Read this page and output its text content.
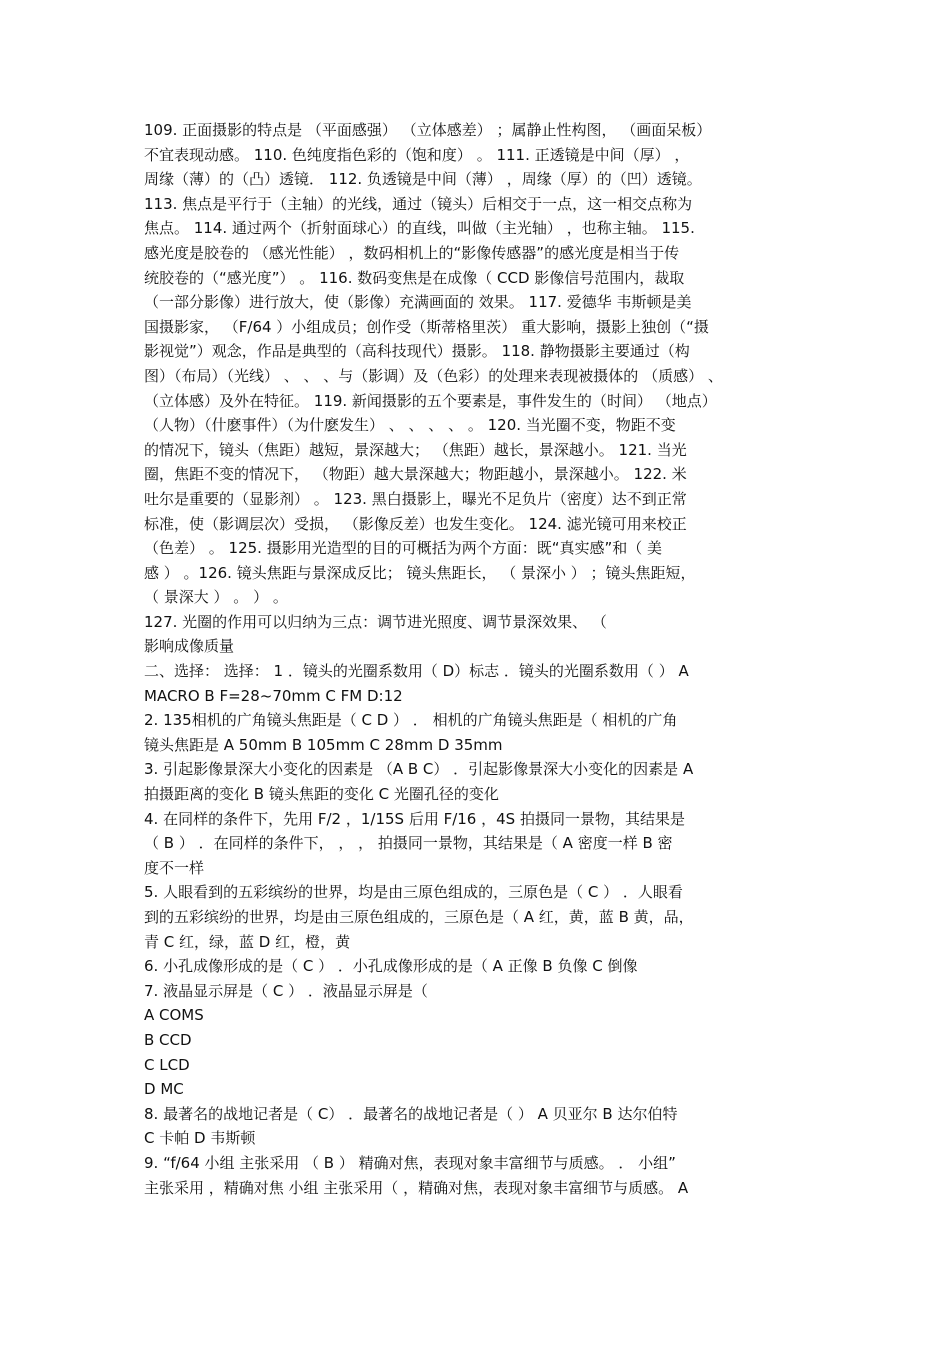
109. 正面摄影的特点是 （平面感强） （立体感差） ；属静止性构图， （画面呆板）
不宜表现动感。 110. 色纯度指色彩的（饱和度） 。 111. 正透镜是中间（厚） ，
周缘（薄）的（凸）透镜． 112. 负透镜是中间（薄） ，周缘（厚）的（凹）透镜。
113. 焦点是平行于（主轴）的光线，通过（镜头）后相交于一点，这一相交点称为
焦点。 114. 通过两个（折射面球心）的直线，叫做（主光轴） ，也称主轴。 115.
感光度是胶卷的 （感光性能） ，数码相机上的“影像传感器”的感光度是相当于传
统胶卷的（“感光度”） 。 116. 数码变焦是在成像（ CCD 影像信号范围内，裁取
（一部分影像）进行放大，使（影像）充满画面的 效果。 117. 爱德华 韦斯顿是美
国摄影家， （F/64 ）小组成员；创作受（斯蒂格里茨） 重大影响，摄影上独创（“摄
影视觉”）观念，作品是典型的（高科技现代）摄影。 118. 静物摄影主要通过（构
图）（布局）（光线） 、 、 、与（影调）及（色彩）的处理来表现被摄体的 （质感） 、
（立体感）及外在特征。 119. 新闻摄影的五个要素是，事件发生的（时间） （地点）
（人物）（什麽事件）（为什麽发生） 、 、 、 、 。 120. 当光圈不变，物距不变
的情况下，镜头（焦距）越短，景深越大； （焦距）越长，景深越小。 121. 当光
圈，焦距不变的情况下， （物距）越大景深越大；物距越小，景深越小。 122. 米
吐尔是重要的（显影剂） 。 123. 黑白摄影上，曝光不足负片（密度）达不到正常
标准，使（影调层次）受损， （影像反差）也发生变化。 124. 滤光镜可用来校正
（色差） 。 125. 摄影用光造型的目的可概括为两个方面：既“真实感”和（ 美
感 ） 。126. 镜头焦距与景深成反比； 镜头焦距长， （ 景深小 ） ；镜头焦距短，
（ 景深大 ） 。 ） 。
127. 光圈的作用可以归纳为三点：调节进光照度、调节景深效果、 （
影响成像质量
二、选择： 选择： 1 ．镜头的光圈系数用（ D）标志 ．镜头的光圈系数用（ ） A
MACRO B F=28~70mm C FM D:12
2. 135相机的广角镜头焦距是（ C D ） ． 相机的广角镜头焦距是（ 相机的广角
镜头焦距是 A 50mm B 105mm C 28mm D 35mm
3. 引起影像景深大小变化的因素是 （A B C） ．引起影像景深大小变化的因素是 A
拍摄距离的变化 B 镜头焦距的变化 C 光圈孔径的变化
4. 在同样的条件下，先用 F/2 ，1/15S 后用 F/16 ，4S 拍摄同一景物，其结果是
（ B ） ．在同样的条件下， ， ， 拍摄同一景物，其结果是（ A 密度一样 B 密
度不一样
5. 人眼看到的五彩缤纷的世界，均是由三原色组成的，三原色是（ C ） ．人眼看
到的五彩缤纷的世界，均是由三原色组成的，三原色是（ A 红，黄，蓝 B 黄，品，
青 C 红，绿，蓝 D 红，橙，黄
6. 小孔成像形成的是（ C ） ．小孔成像形成的是（ A 正像 B 负像 C 倒像
7. 液晶显示屏是（ C ） ．液晶显示屏是（
A COMS
B CCD
C LCD
D MC
8. 最著名的战地记者是（ C） ．最著名的战地记者是（ ） A 贝亚尔 B 达尔伯特
C 卡帕 D 韦斯顿
9. “f/64 小组 主张采用 （ B ） 精确对焦，表现对象丰富细节与质感。 ． 小组”
主张采用 ，精确对焦 小组 主张采用（ ，精确对焦，表现对象丰富细节与质感。 A
